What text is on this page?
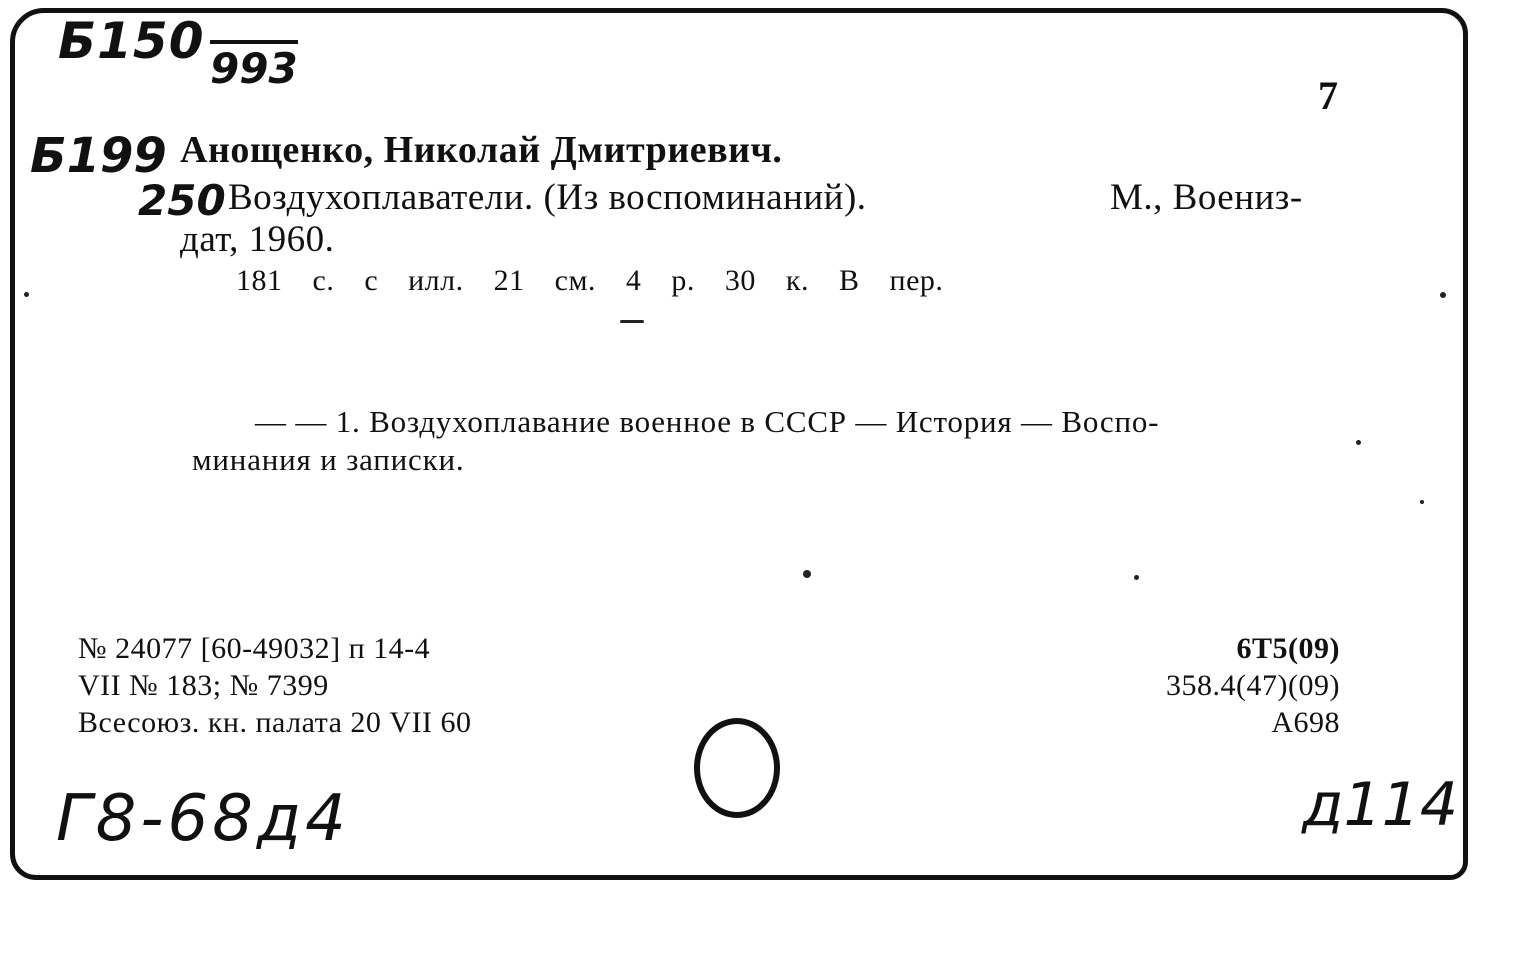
Б150 993
7
Б199
250
Анощенко, Николай Дмитриевич.
Воздухоплаватели. (Из воспоминаний).	М., Воениз-
дат, 1960.
181 с. с илл. 21 см. 4 р. 30 к. В пер.
— — 1. Воздухоплавание военное в СССР — История — Воспо-
минания и записки.
№ 24077 [60-49032] п 14-4
VII № 183; № 7399
Всесоюз. кн. палата 20 VII 60
6Т5(09)
358.4(47)(09)
А698
Г8-68д4	д114
